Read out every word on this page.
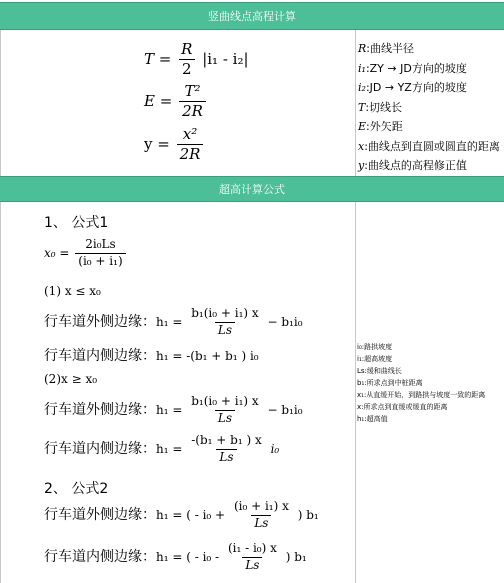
竖曲线点高程计算
$T = \frac{R}{2} |i_1 - i_2|$
$E = \frac{\text{T²}}{2R}$
$y = \frac{\text{x²}}{2R}$
R:曲线半径
i₁:ZY → JD方向的坡度
i₂:JD → YZ方向的坡度
T:切线长
E:外矢距
x:曲线点到直圆或圆直的距离
y:曲线点的高程修正值
超高计算公式
1、 公式1
$x_0 = \frac{\text{2i₀Ls}}{\text{(i₀ + i₁)}}$
(1) x ≤ x₀
行车道外侧边缘：$h_1 = \frac{\text{b₁(i₀ + i₁) x}}{Ls} - b_1i_0$
行车道内侧边缘：h₁ = -(b₁ + b₁ ) i₀
(2)x ≥ x₀
行车道外侧边缘：$h_1 = \frac{\text{b₁(i₀ + i₁) x}}{Ls} - b_1i_0$
行车道内侧边缘：$h_1 = \frac{\text{-(b₁ + b₁ ) x}}{Ls} i_0$
2、 公式2
行车道外侧边缘：h₁ = ( - $i_0 + \frac{\text{(i₀ + i₁) x}}{Ls}$ ) b₁
行车道内侧边缘：h₁ = ( - $i_0 - \frac{\text{(i₁ - i₀) x}}{Ls}$ ) b₁
i₀:路拱坡度
i₁:超高坡度
Ls:缓和曲线长
b₁:所求点到中桩距离
x₁:从直缓开始，到路拱与坡度一致的距离
x:所求点到直缓或缓直的距离
h₁:超高值
